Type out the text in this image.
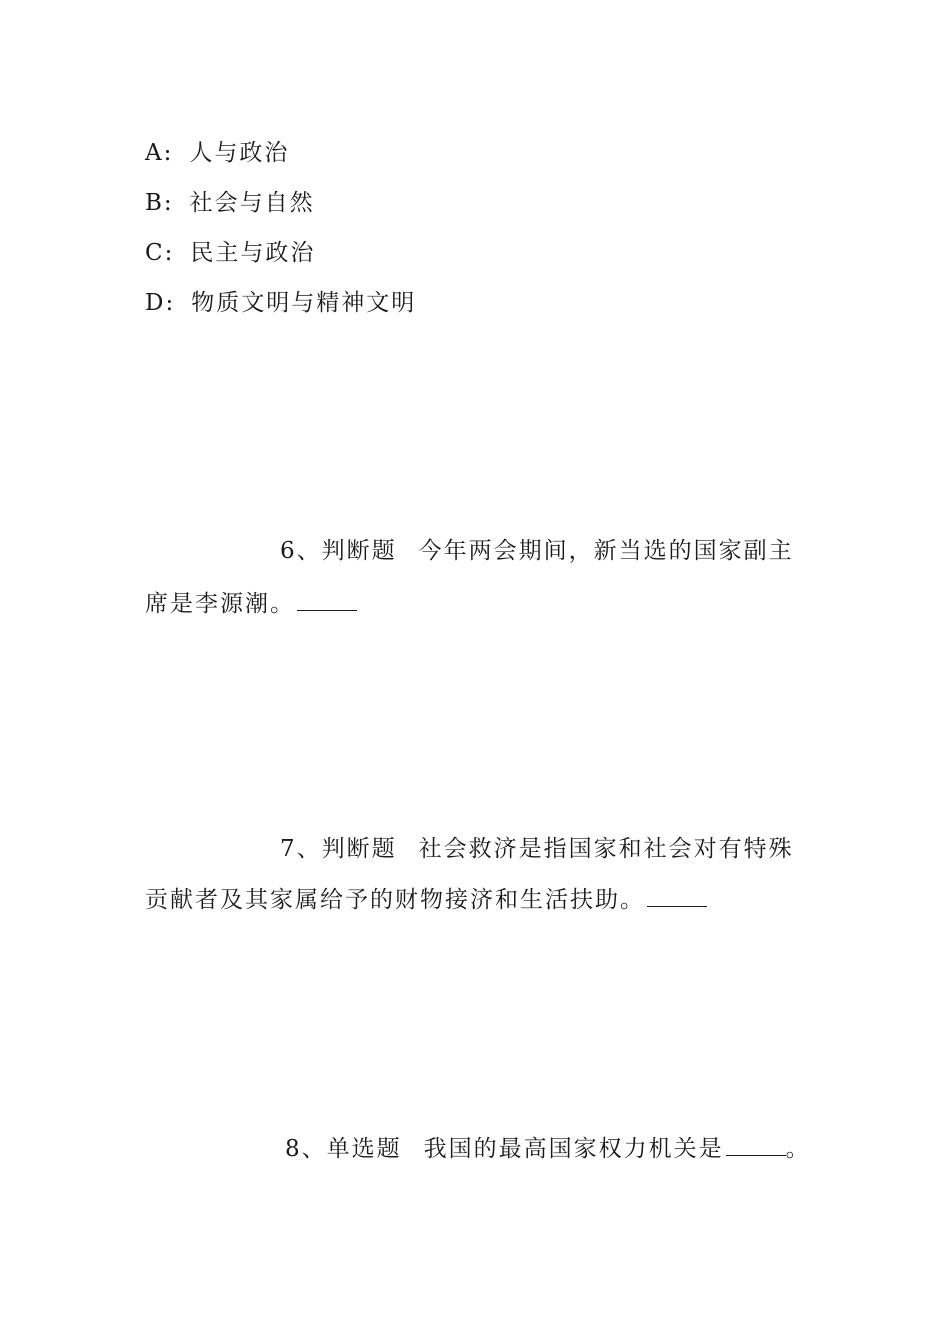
A: 人与政治
B: 社会与自然
C: 民主与政治
D: 物质文明与精神文明
6、判断题 今年两会期间，新当选的国家副主
席是李源潮。
7、判断题 社会救济是指国家和社会对有特殊
贡献者及其家属给予的财物接济和生活扶助。
8、单选题 我国的最高国家权力机关是	。
